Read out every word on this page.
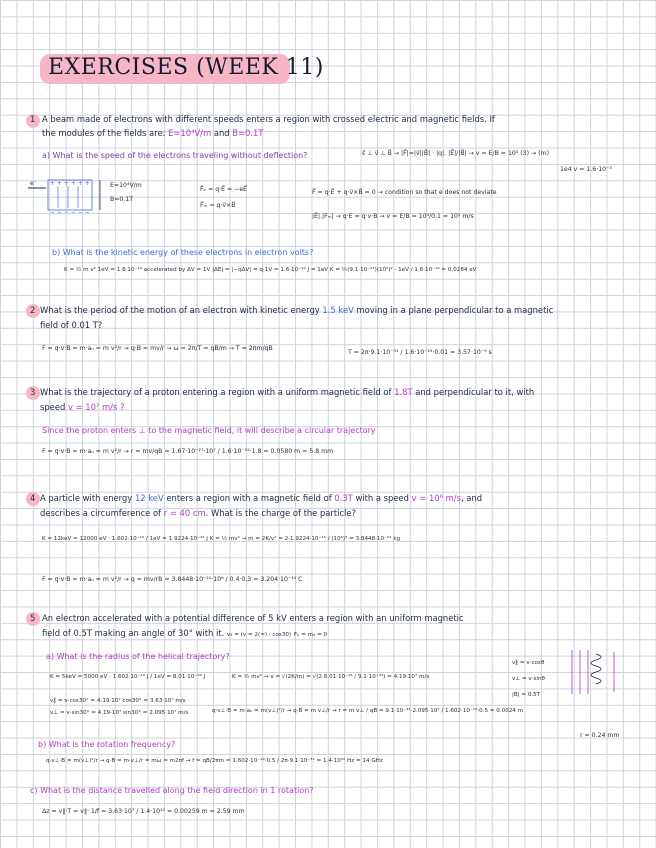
EXERCISES (WEEK 11)
1 A beam made of electrons with different speeds enters a region with crossed electric and magnetic fields. If
the modules of the fields are: E=10⁴V/m and B=0.1T
a) What is the speed of the electrons traveling without deflection?	ε⃗ ⊥ v⃗ ⊥ B⃗ → |F⃗|=|v⃗||B⃗| · |q|. |E⃗|/|B⃗| → v = E/B = 10⁵ (3) → (m)
1e4 v = 1.6·10⁻³
e⁻ + + + + + +
− − − − − −
E=10⁴V/m
B=0.1T
F⃗ₑ = q·E⃗ = −eE⃗
F⃗ₘ = q·v⃗×B⃗
F⃗ = q·E⃗ + q·v⃗×B⃗ = 0 → condition so that e does not deviate
|E⃗|.|Fₘ| → q·E = q·v·B → v = E/B = 10⁴/0.1 = 10⁵ m/s
b) What is the kinetic energy of these electrons in electron volts?
K = ½ m v² 1eV = 1.6·10⁻¹⁹ accelerated by ΔV = 1V |ΔE| = |−qΔV| = q·1V = 1.6·10⁻¹⁹ J = 1eV K = ½(9.1·10⁻³¹)(10⁵)² · 1eV / 1.6·10⁻¹⁹ = 0.0284 eV
2 What is the period of the motion of an electron with kinetic energy 1.5 keV moving in a plane perpendicular to a magnetic
field of 0.01 T?
F = q·v·B = m·aₙ = m v²/r → q·B = mv/r → ω = 2π/T = qB/m → T = 2πm/qB
T = 2π·9.1·10⁻³¹ / 1.6·10⁻¹⁹·0.01 = 3.57·10⁻⁹ s
3 What is the trajectory of a proton entering a region with a uniform magnetic field of 1.8T and perpendicular to it, with
speed v = 10⁷ m/s ?
Since the proton enters ⊥ to the magnetic field, it will describe a circular trajectory
F = q·v·B = m·aₙ = m v²/r → r = mv/qB = 1.67·10⁻²⁷·10⁷ / 1.6·10⁻¹⁹·1.8 = 0.0580 m = 5.8 mm
4 A particle with energy 12 keV enters a region with a magnetic field of 0.3T with a speed v = 10⁶ m/s, and
describes a circumference of r = 40 cm. What is the charge of the particle?
K = 12keV = 12000 eV · 1.602·10⁻¹⁹ / 1eV = 1.9224·10⁻¹⁵ J K = ½ mv² → m = 2K/v² = 2·1.9224·10⁻¹⁵ / (10⁶)² = 3.8448·10⁻²¹ kg
F = q·v·B = m·aₙ = m v²/r → q = mv/rB = 3.8448·10⁻²¹·10⁶ / 0.4·0.3 = 3.204·10⁻¹⁴ C
5 An electron accelerated with a potential difference of 5 kV enters a region with an uniform magnetic
field of 0.5T making an angle of 30° with it. v₁ = (v = 2(≈) · cos30) Fₖ = mₐ = 0
a) What is the radius of the helical trajectory?
K = 5keV = 5000 eV · 1.602·10⁻¹⁹ J / 1eV = 8.01·10⁻¹⁶ J	K = ½ mv² → v = √(2K/m) = √(2·8.01·10⁻¹⁶ / 9.1·10⁻³¹) = 4.19·10⁷ m/s
v∥ = v·cos30° = 4.19·10⁷ cos30° = 3.63·10⁷ m/s
v⊥ = v·sin30° = 4.19·10⁷ sin30° = 2.095·10⁷ m/s	q·v⊥·B = m·aₙ = m(v⊥)²/r → q·B = m v⊥/r → r = m v⊥ / qB = 9.1·10⁻³¹·2.095·10⁷ / 1.602·10⁻¹⁹·0.5 = 0.0024 m
r = 0.24 mm
v∥ = v·cosθ
v⊥ = v·sinθ
|B| = 0.5T
b) What is the rotation frequency?
q·v⊥·B = m(v⊥)²/r → q·B = m·v⊥/r = mω = m2πf → f = qB/2πm = 1.602·10⁻¹⁹·0.5 / 2π·9.1·10⁻³¹ = 1.4·10¹⁰ Hz = 14 GHz
c) What is the distance travelled along the field direction in 1 rotation?
Δz = v∥·T = v∥· 1/f = 3.63·10⁷ / 1.4·10¹⁰ = 0.00259 m = 2.59 mm
